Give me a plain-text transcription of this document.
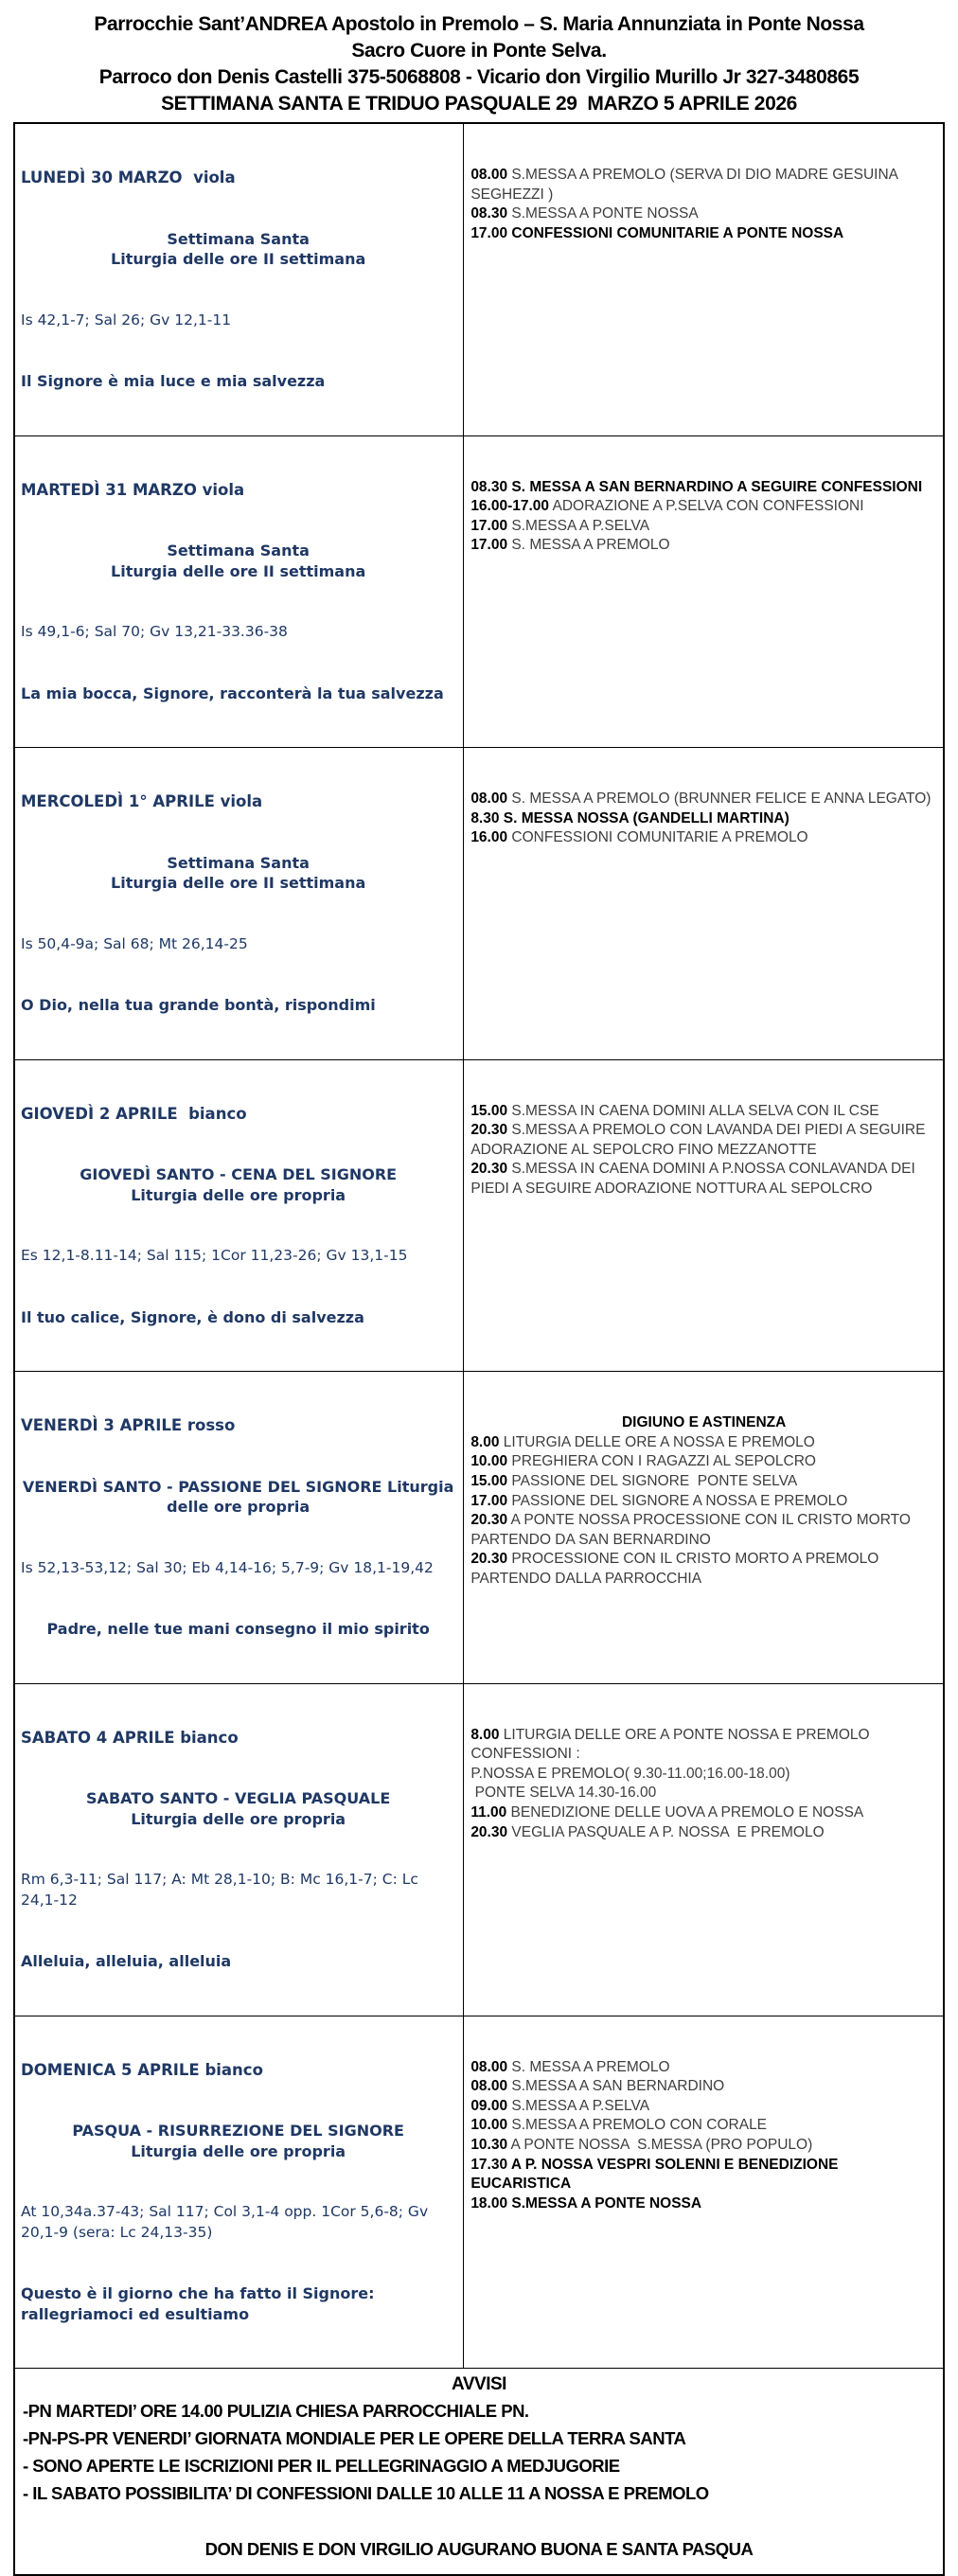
Parrocchie Sant’ANDREA Apostolo in Premolo – S. Maria Annunziata in Ponte Nossa
Sacro Cuore in Ponte Selva.
Parroco don Denis Castelli 375-5068808 - Vicario don Virgilio Murillo Jr 327-3480865
SETTIMANA SANTA E TRIDUO PASQUALE 29  MARZO 5 APRILE 2026

LUNEDÌ 30 MARZO  viola

Settimana Santa
Liturgia delle ore II settimana

Is 42,1-7; Sal 26; Gv 12,1-11

Il Signore è mia luce e mia salvezza

08.00 S.MESSA A PREMOLO (SERVA DI DIO MADRE GESUINA SEGHEZZI )
08.30 S.MESSA A PONTE NOSSA
17.00 CONFESSIONI COMUNITARIE A PONTE NOSSA

MARTEDÌ 31 MARZO viola

Settimana Santa
Liturgia delle ore II settimana

Is 49,1-6; Sal 70; Gv 13,21-33.36-38

La mia bocca, Signore, racconterà la tua salvezza

08.30 S. MESSA A SAN BERNARDINO A SEGUIRE CONFESSIONI
16.00-17.00 ADORAZIONE A P.SELVA CON CONFESSIONI
17.00 S.MESSA A P.SELVA
17.00 S. MESSA A PREMOLO

MERCOLEDÌ 1° APRILE viola

Settimana Santa
Liturgia delle ore II settimana

Is 50,4-9a; Sal 68; Mt 26,14-25

O Dio, nella tua grande bontà, rispondimi

08.00 S. MESSA A PREMOLO (BRUNNER FELICE E ANNA LEGATO)
8.30 S. MESSA NOSSA (GANDELLI MARTINA)
16.00 CONFESSIONI COMUNITARIE A PREMOLO

GIOVEDÌ 2 APRILE  bianco

GIOVEDÌ SANTO - CENA DEL SIGNORE
Liturgia delle ore propria

Es 12,1-8.11-14; Sal 115; 1Cor 11,23-26; Gv 13,1-15

Il tuo calice, Signore, è dono di salvezza

15.00 S.MESSA IN CAENA DOMINI ALLA SELVA CON IL CSE
20.30 S.MESSA A PREMOLO CON LAVANDA DEI PIEDI A SEGUIRE ADORAZIONE AL SEPOLCRO FINO MEZZANOTTE
20.30 S.MESSA IN CAENA DOMINI A P.NOSSA CONLAVANDA DEI PIEDI A SEGUIRE ADORAZIONE NOTTURA AL SEPOLCRO

VENERDÌ 3 APRILE rosso

VENERDÌ SANTO - PASSIONE DEL SIGNORE Liturgia
delle ore propria

Is 52,13-53,12; Sal 30; Eb 4,14-16; 5,7-9; Gv 18,1-19,42

Padre, nelle tue mani consegno il mio spirito

DIGIUNO E ASTINENZA
8.00 LITURGIA DELLE ORE A NOSSA E PREMOLO
10.00 PREGHIERA CON I RAGAZZI AL SEPOLCRO
15.00 PASSIONE DEL SIGNORE  PONTE SELVA
17.00 PASSIONE DEL SIGNORE A NOSSA E PREMOLO
20.30 A PONTE NOSSA PROCESSIONE CON IL CRISTO MORTO PARTENDO DA SAN BERNARDINO
20.30 PROCESSIONE CON IL CRISTO MORTO A PREMOLO PARTENDO DALLA PARROCCHIA

SABATO 4 APRILE bianco

SABATO SANTO - VEGLIA PASQUALE
Liturgia delle ore propria

Rm 6,3-11; Sal 117; A: Mt 28,1-10; B: Mc 16,1-7; C: Lc 24,1-12

Alleluia, alleluia, alleluia

8.00 LITURGIA DELLE ORE A PONTE NOSSA E PREMOLO
CONFESSIONI :
P.NOSSA E PREMOLO( 9.30-11.00;16.00-18.00)
PONTE SELVA 14.30-16.00
11.00 BENEDIZIONE DELLE UOVA A PREMOLO E NOSSA
20.30 VEGLIA PASQUALE A P. NOSSA  E PREMOLO

DOMENICA 5 APRILE bianco

PASQUA - RISURREZIONE DEL SIGNORE
Liturgia delle ore propria

At 10,34a.37-43; Sal 117; Col 3,1-4 opp. 1Cor 5,6-8; Gv 20,1-9 (sera: Lc 24,13-35)

Questo è il giorno che ha fatto il Signore: rallegriamoci ed esultiamo

08.00 S. MESSA A PREMOLO
08.00 S.MESSA A SAN BERNARDINO
09.00 S.MESSA A P.SELVA
10.00 S.MESSA A PREMOLO CON CORALE
10.30 A PONTE NOSSA  S.MESSA (PRO POPULO)
17.30 A P. NOSSA VESPRI SOLENNI E BENEDIZIONE EUCARISTICA
18.00 S.MESSA A PONTE NOSSA

AVVISI
-PN MARTEDI’ ORE 14.00 PULIZIA CHIESA PARROCCHIALE PN.
-PN-PS-PR VENERDI’ GIORNATA MONDIALE PER LE OPERE DELLA TERRA SANTA
- SONO APERTE LE ISCRIZIONI PER IL PELLEGRINAGGIO A MEDJUGORIE
- IL SABATO POSSIBILITA’ DI CONFESSIONI DALLE 10 ALLE 11 A NOSSA E PREMOLO
DON DENIS E DON VIRGILIO AUGURANO BUONA E SANTA PASQUA
